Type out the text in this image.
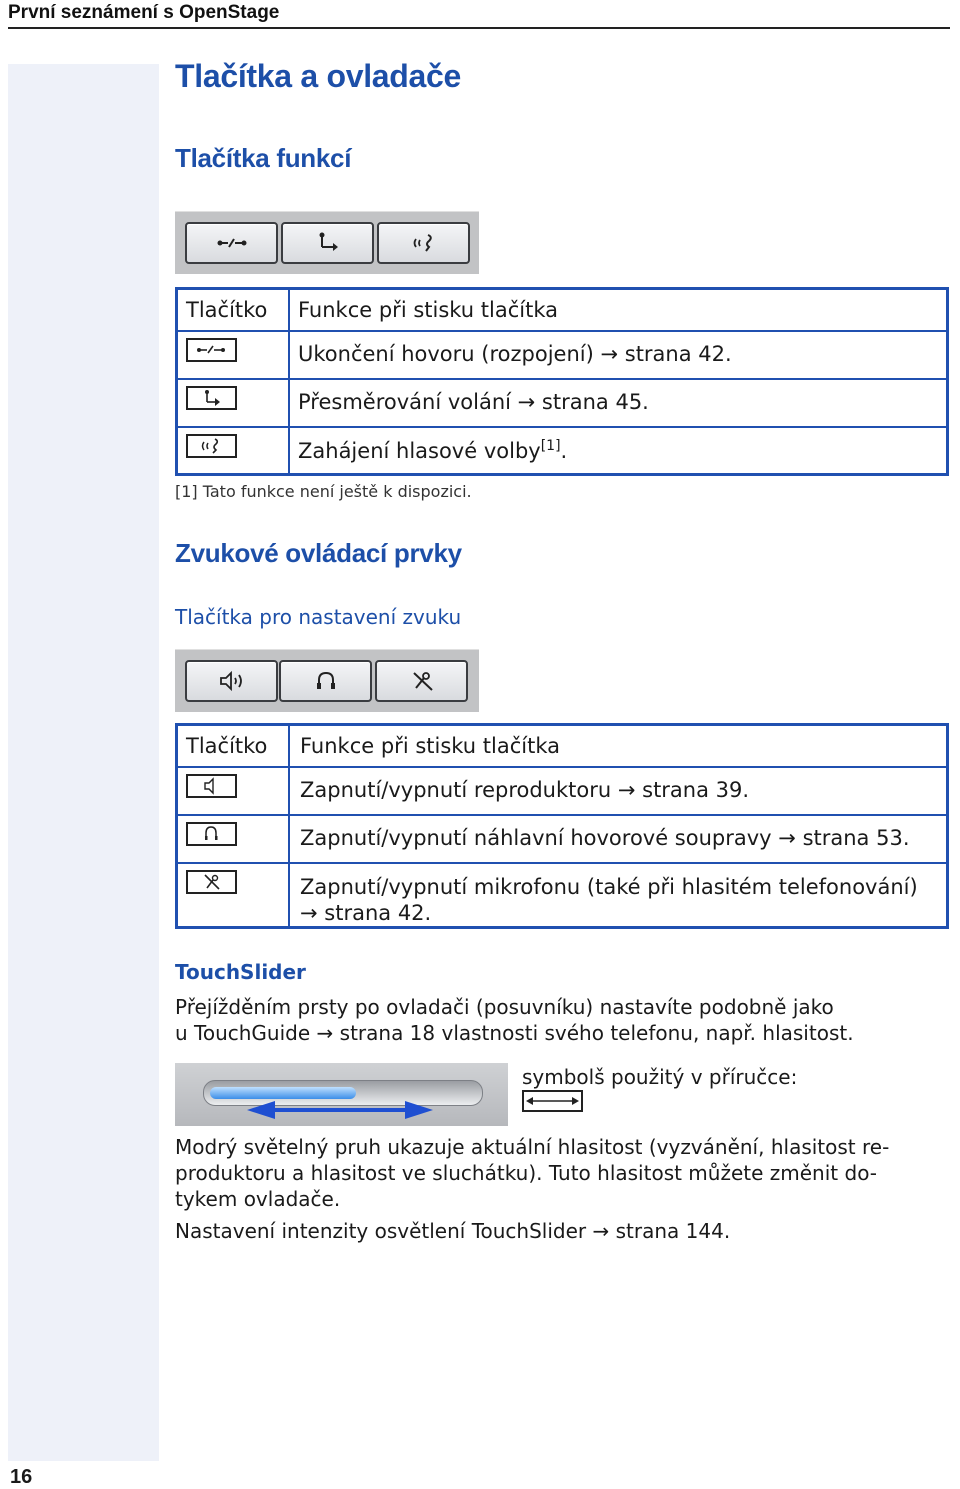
První seznámení s OpenStage
16
Tlačítka a ovladače
Tlačítka funkcí
Tlačítko	Funkce při stisku tlačítka

	Ukončení hovoru (rozpojení) → strana 42.

	Přesměrování volání → strana 45.

	Zahájení hlasové volby[1].
[1] Tato funkce není ještě k dispozici.
Zvukové ovládací prvky
Tlačítka pro nastavení zvuku
Tlačítko	Funkce při stisku tlačítka

	Zapnutí/vypnutí reproduktoru → strana 39.

	Zapnutí/vypnutí náhlavní hovorové soupravy → strana 53.

	Zapnutí/vypnutí mikrofonu (také při hlasitém telefonování)
→ strana 42.
TouchSlider
Přejížděním prsty po ovladači (posuvníku) nastavíte podobně jako
u TouchGuide → strana 18 vlastnosti svého telefonu, např. hlasitost.
symbolš použitý v příručce:
Modrý světelný pruh ukazuje aktuální hlasitost (vyzvánění, hlasitost re-
produktoru a hlasitost ve sluchátku). Tuto hlasitost můžete změnit do-
tykem ovladače.
Nastavení intenzity osvětlení TouchSlider → strana 144.
